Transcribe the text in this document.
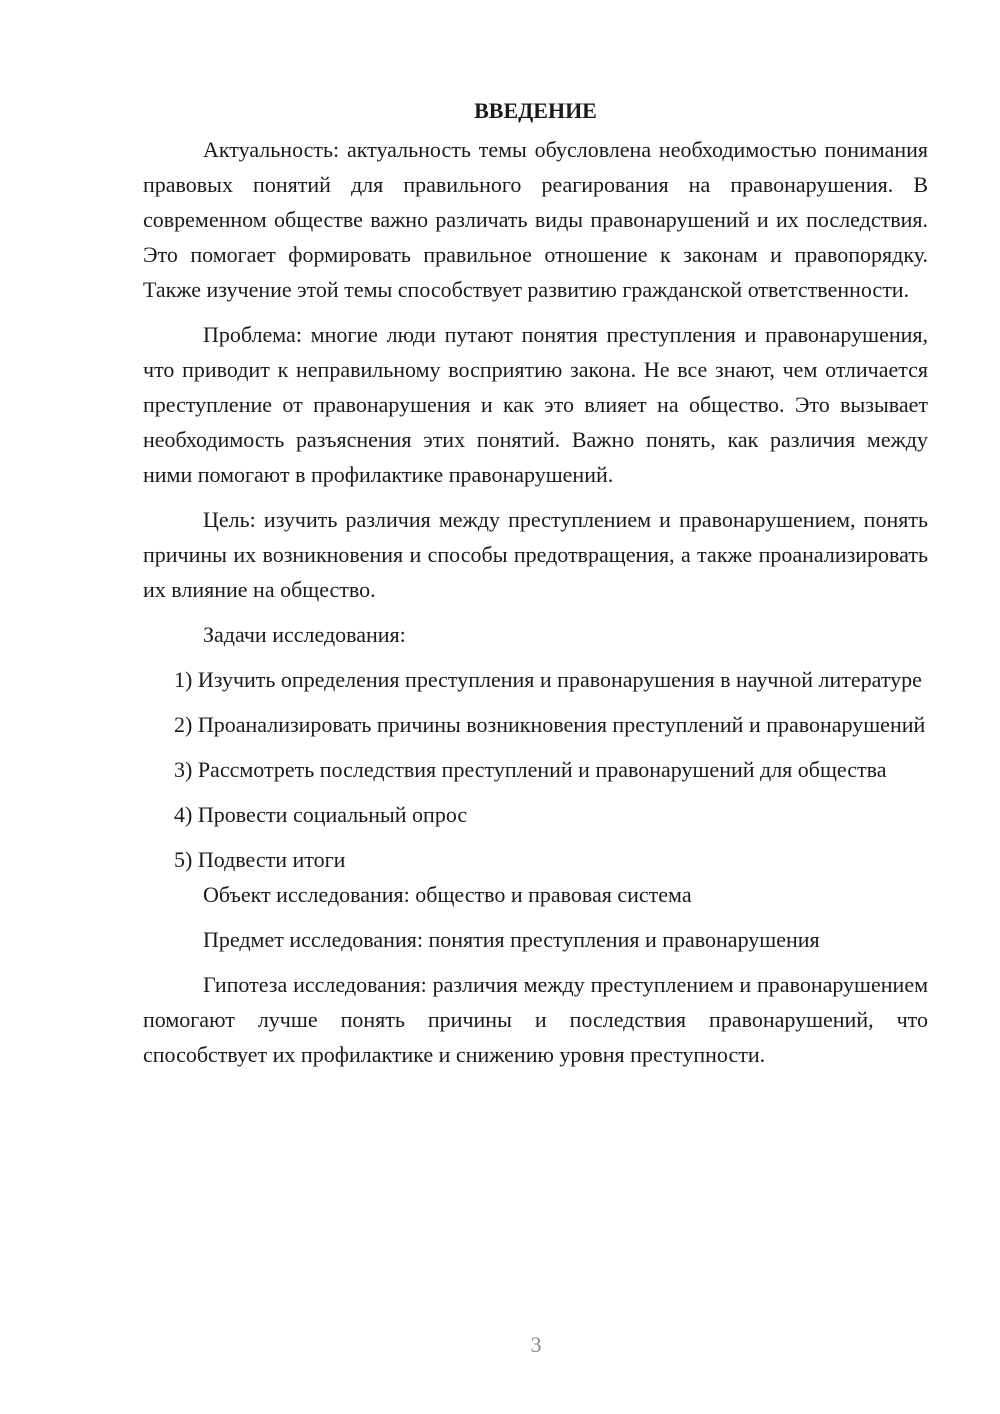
ВВЕДЕНИЕ

Актуальность: актуальность темы обусловлена необходимостью понимания правовых понятий для правильного реагирования на правонарушения. В современном обществе важно различать виды правонарушений и их последствия. Это помогает формировать правильное отношение к законам и правопорядку. Также изучение этой темы способствует развитию гражданской ответственности.

Проблема: многие люди путают понятия преступления и правонарушения, что приводит к неправильному восприятию закона. Не все знают, чем отличается преступление от правонарушения и как это влияет на общество. Это вызывает необходимость разъяснения этих понятий. Важно понять, как различия между ними помогают в профилактике правонарушений.

Цель: изучить различия между преступлением и правонарушением, понять причины их возникновения и способы предотвращения, а также проанализировать их влияние на общество.

Задачи исследования:

1) Изучить определения преступления и правонарушения в научной литературе

2) Проанализировать причины возникновения преступлений и правонарушений

3) Рассмотреть последствия преступлений и правонарушений для общества

4) Провести социальный опрос

5) Подвести итоги

Объект исследования: общество и правовая система

Предмет исследования: понятия преступления и правонарушения

Гипотеза исследования: различия между преступлением и правонарушением помогают лучше понять причины и последствия правонарушений, что способствует их профилактике и снижению уровня преступности.

3
